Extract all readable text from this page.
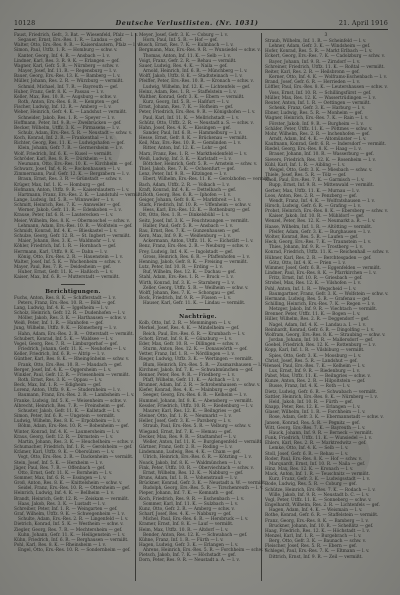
10128	Deutsche Verlustlisten. (Nr. 1031)	21. April 1916
Faust, Friedrich, Gefr., 3. Bat. — Wiesenfeld, Pfalz — l. v.
Segauer, Ernst, Ers.-Res. 1. R. — Landau — gef.
Walter, Otto, Ers.-Res. 9. R. — Kaiserslautern, Pfalz — l. v.
Simon, Paul, Utffz. 1. R. — Homburg — schw. v.
Kanter, Georg, Inf. 4. R. — Ansbach — l. v.
Lindner, Karl, Res. 3. R. 9. K. — Erlangen — gef.
Wagner, Karl, Gefr. 5. R. — Nürnberg — schw. v.
Mayer, Josef, Inf. 11. R. — Regensburg — l. v.
Bauer, Georg, Ers.-Res. 13. K. — Bamberg — l. v.
Müller, Johann, Res. 2. R. — Würzburg — vermißt.
Schmid, Michael, Inf. 7. R. — Bayreuth — gef.
Huber, Franz, Gefr. 8. K. — Passau — l. v.
Keller, Max, Res. 10. R. — Augsburg — schw. v.
Roth, Anton, Ers.-Res. 6. R. — Kempten — gef.
Fischer, Ludwig, Inf. 12. R. — Amberg — l. v.
Weber, Heinrich, Gefr. 4. K. — Landshut — vermißt.
Schneider, Jakob, Res. 1. R. — Speyer — l. v.
Hoffmann, Peter, Inf. 9. R. — Zweibrücken — gef.
Becker, Wilhelm, Utffz. 3. K. — Pirmasens — l. v.
Schulz, Adam, Ers.-Res. 5. R. — Neustadt — schw. v.
Koch, Konrad, Inf. 2. R. — Frankenthal — l. v.
Richter, Georg, Res. 11. K. — Ludwigshafen — gef.
Klein, Johann, Gefr. 7. R. — Germersheim — l. v.
Wolf, Friedrich, Inf. 6. K. — Kusel — vermißt.
Schröder, Karl, Res. 8. R. — Dürkheim — l. v.
Neumann, Otto, Ers.-Res. 10. K. — Kirchheim — gef.
Schwarz, Josef, Inf. 4. R. — Rockenhausen — l. v.
Zimmermann, Paul, Gefr. 12. K. — Bergzabern — l. v.
Braun, Ernst, Res. 3. R. — Grünstadt — schw. v.
Krüger, Max, Inf. 1. K. — Homburg — gef.
Hofmann, Anton, Utffz. 9. R. — Kaiserslautern — l. v.
Hartmann, Franz, Ers.-Res. 2. K. — Landstuhl — vermißt.
Lange, Ludwig, Inf. 5. R. — Winnweiler — l. v.
Schmitt, Heinrich, Res. 7. K. — Annweiler — gef.
Werner, Jakob, Gefr. 11. R. — Edenkoben — l. v.
Krause, Peter, Inf. 6. R. — Lauterecken — l. v.
Meier, Wilhelm, Res. 8. K. — Obermoschel — schw. v.
Lehmann, Adam, Ers.-Res. 10. R. — Wolfstein — gef.
Schmidt, Konrad, Inf. 4. K. — Blieskastel — l. v.
Schulze, Georg, Gefr. 12. R. — St. Ingbert — vermißt.
Maier, Johann, Res. 3. K. — Waldmohr — l. v.
Köhler, Friedrich, Inf. 1. R. — Hornbach — gef.
Herrmann, Karl, Utffz. 9. K. — Dahn — l. v.
König, Otto, Ers.-Res. 2. R. — Hauenstein — l. v.
Walter, Josef, Inf. 5. K. — Wachenheim — schw. v.
Mayer, Paul, Res. 7. R. — Deidesheim — gef.
Huber, Ernst, Gefr. 11. K. — Haßloch — l. v.
Kaiser, Max, Inf. 6. R. — Mutterstadt — vermißt.
Berichtigungen.
Fuchs, Anton, Res. 8. K. — Schifferstadt — l. v.
Peters, Franz, Ers.-Res. 10. R. — Böhl — gef.
Lang, Ludwig, Inf. 4. K. — Iggelheim — l. v.
Scholz, Heinrich, Gefr. 12. R. — Dudenhofen — l. v.
Möller, Jakob, Res. 3. K. — Harthausen — schw. v.
Weiß, Peter, Inf. 1. R. — Hanhofen — gef.
Jung, Wilhelm, Utffz. 9. K. — Römerberg — l. v.
Hahn, Adam, Ers.-Res. 2. R. — Otterstadt — vermißt.
Schubert, Konrad, Inf. 5. K. — Waldsee — l. v.
Vogel, Georg, Res. 7. R. — Limburgerhof — gef.
Friedrich, Johann, Gefr. 11. K. — Neuhofen — l. v.
Keller, Friedrich, Inf. 6. R. — Altrip — l. v.
Günther, Karl, Res. 8. K. — Rheingönheim — schw. v.
Frank, Otto, Ers.-Res. 10. R. — Maudach — gef.
Berger, Josef, Inf. 4. K. — Oggersheim — l. v.
Winkler, Paul, Gefr. 12. R. — Friesenheim — vermißt.
Roth, Ernst, Res. 3. K. — Oppau — l. v.
Beck, Max, Inf. 1. R. — Edigheim — gef.
Lorenz, Anton, Utffz. 9. K. — Studernheim — l. v.
Baumann, Franz, Ers.-Res. 2. R. — Lambsheim — l. v.
Franke, Ludwig, Inf. 5. K. — Weisenheim — schw. v.
Albrecht, Heinrich, Res. 7. R. — Freinsheim — gef.
Schuster, Jakob, Gefr. 11. K. — Kallstadt — l. v.
Simon, Peter, Inf. 6. R. — Ungstein — vermißt.
Ludwig, Wilhelm, Res. 8. K. — Erpolzheim — l. v.
Böhm, Adam, Ers.-Res. 10. R. — Bobenheim — gef.
Winter, Konrad, Inf. 4. K. — Laumersheim — l. v.
Kraus, Georg, Gefr. 12. R. — Dirmstein — l. v.
Martin, Johann, Res. 3. K. — Heuchelheim — schw. v.
Schumacher, Friedrich, Inf. 1. R. — Gerolsheim — gef.
Krämer, Karl, Utffz. 9. K. — Obersülzen — l. v.
Vogt, Otto, Ers.-Res. 2. R. — Dackenheim — vermißt.
Stein, Josef, Inf. 5. K. — Herxheim — l. v.
Jäger, Paul, Res. 7. R. — Offenbach — gef.
Otto, Ernst, Gefr. 11. K. — Bornheim — l. v.
Sommer, Max, Inf. 6. R. — Essingen — l. v.
Groß, Anton, Res. 8. K. — Knittelsheim — schw. v.
Seidel, Franz, Ers.-Res. 10. R. — Ottersheim — gef.
Heinrich, Ludwig, Inf. 4. K. — Bellheim — l. v.
Brandt, Heinrich, Gefr. 12. R. — Zeiskam — vermißt.
Haas, Jakob, Res. 3. K. — Lustadt — l. v.
Schreiber, Peter, Inf. 1. R. — Weingarten — gef.
Graf, Wilhelm, Utffz. 9. K. — Schwegenheim — l. v.
Schulte, Adam, Ers.-Res. 2. R. — Lingenfeld — l. v.
Dietrich, Konrad, Inf. 5. K. — Westheim — schw. v.
Ziegler, Georg, Res. 7. R. — Mechtersheim — gef.
Kuhn, Johann, Gefr. 11. K. — Heiligenstein — l. v.
Kühn, Friedrich, Inf. 6. R. — Berghausen — vermißt.
Pohl, Karl, Res. 8. K. — Rheinsheim — l. v.
Engel, Otto, Ers.-Res. 10. R. — Sondernheim — gef.
Meyer, Josef, Gefr. 3. K. — Coburg — l. v.
Horn, Paul, Inf. 5. R. — Hof — gef.
Busch, Ernst, Res. 7. K. — Kulmbach — l. v.
Bergmann, Max, Ers.-Res. 9. R. — Wunsiedel — schw. v.
Thomas, Anton, Inf. 11. K. — Selb — l. v.
Voigt, Franz, Gefr. 2. R. — Rehau — vermißt.
Sauer, Ludwig, Res. 4. K. — Naila — gef.
Arnold, Heinrich, Inf. 6. R. — Münchberg — l. v.
Wolff, Jakob, Utffz. 8. K. — Stadtsteinach — l. v.
Pfeiffer, Peter, Ers.-Res. 10. R. — Kronach — schw. v.
Ludwig, Wilhelm, Inf. 12. K. — Lichtenfels — gef.
Heinz, Adam, Res. 1. R. — Staffelstein — l. v.
Walther, Konrad, Gefr. 3. K. — Ebern — vermißt.
Kurz, Georg, Inf. 5. R. — Haßfurt — l. v.
Ernst, Johann, Res. 7. K. — Hofheim — gef.
Peter, Friedrich, Ers.-Res. 9. R. — Königshofen — l. v.
Paul, Karl, Inf. 11. K. — Mellrichstadt — l. v.
Schütz, Otto, Utffz. 2. R. — Neustadt a. S. — schw. v.
Hahn, Josef, Res. 4. K. — Kissingen — gef.
Sander, Paul, Inf. 6. R. — Hammelburg — l. v.
Hesse, Ernst, Gefr. 8. K. — Brückenau — vermißt.
Keil, Max, Ers.-Res. 10. R. — Gemünden — l. v.
Ritter, Anton, Inf. 12. K. — Lohr — gef.
Marx, Franz, Res. 1. R. — Marktheidenfeld — l. v.
Weiß, Ludwig, Inf. 3. K. — Karlstadt — l. v.
Böttcher, Heinrich, Gefr. 5. R. — Arnstein — schw. v.
Thiel, Jakob, Res. 7. K. — Ochsenfurt — gef.
Lenz, Peter, Inf. 9. R. — Kitzingen — l. v.
Ebert, Wilhelm, Ers.-Res. 11. K. — Gerolzhofen — vermißt.
Bach, Adam, Utffz. 2. R. — Volkach — l. v.
Kraft, Konrad, Inf. 4. K. — Dettelbach — gef.
Roth, Georg, Res. 6. R. — Iphofen — l. v.
Geiger, Johann, Gefr. 8. K. — Marktbreit — l. v.
Stark, Friedrich, Inf. 10. R. — Uffenheim — schw. v.
Hess, Karl, Ers.-Res. 12. K. — Rothenburg — gef.
Ott, Otto, Res. 1. R. — Dinkelsbühl — l. v.
Seitz, Josef, Inf. 3. K. — Feuchtwangen — vermißt.
Haller, Paul, Gefr. 5. R. — Ansbach — l. v.
Rau, Ernst, Res. 7. K. — Gunzenhausen — gef.
Kern, Max, Inf. 9. R. — Weißenburg — l. v.
Ackermann, Anton, Utffz. 11. K. — Eichstätt — l. v.
Benz, Franz, Ers.-Res. 2. R. — Neuburg — schw. v.
Frey, Ludwig, Inf. 4. K. — Ingolstadt — gef.
Gross, Heinrich, Res. 6. R. — Pfaffenhofen — l. v.
Henning, Jakob, Gefr. 8. K. — Freising — vermißt.
Lutz, Peter, Inf. 10. R. — Erding — l. v.
Ruf, Wilhelm, Res. 12. K. — Dachau — gef.
Stahl, Adam, Ers.-Res. 1. R. — Bruck — l. v.
Wirth, Konrad, Inf. 3. K. — Starnberg — l. v.
Zeller, Georg, Utffz. 5. R. — Weilheim — schw. v.
Wolff, Johann, Res. 7. K. — Schongau — gef.
Bock, Friedrich, Inf. 9. R. — Füssen — l. v.
Hauser, Karl, Gefr. 11. K. — Lindau — vermißt.
Nachträge.
Kolb, Otto, Inf. 2. R. — Memmingen — l. v.
Merkel, Josef, Res. 4. K. — Mindelheim — gef.
Reich, Paul, Ers.-Res. 6. R. — Krumbach — l. v.
Schott, Ernst, Inf. 8. K. — Günzburg — l. v.
Eder, Max, Gefr. 10. R. — Dillingen — schw. v.
Sturm, Anton, Res. 12. K. — Donauwörth — gef.
Vetter, Franz, Inf. 1. R. — Nördlingen — l. v.
Rieger, Ludwig, Utffz. 3. K. — Wertingen — vermißt.
Blum, Heinrich, Ers.-Res. 5. R. — Zusmarshausen — l. v.
Kirchner, Jakob, Inf. 7. K. — Schwabmünchen — gef.
Renner, Peter, Res. 9. R. — Friedberg — l. v.
Pfaff, Wilhelm, Gefr. 11. K. — Aichach — l. v.
Brunner, Adam, Inf. 2. R. — Schrobenhausen — schw. v.
Kiefer, Konrad, Res. 4. K. — Mainburg — gef.
Seeger, Georg, Ers.-Res. 6. R. — Kelheim — l. v.
Hummel, Johann, Inf. 8. K. — Abensberg — vermißt.
Kessler, Friedrich, Utffz. 10. R. — Riedenburg — l. v.
Maurer, Karl, Res. 12. K. — Beilngries — gef.
Steiner, Otto, Inf. 1. R. — Neumarkt — l. v.
Heller, Josef, Gefr. 3. K. — Parsberg — l. v.
Straub, Paul, Ers.-Res. 5. R. — Velburg — schw. v.
Wiegand, Ernst, Inf. 7. K. — Hemau — gef.
Decker, Max, Res. 9. R. — Stadtamhof — l. v.
Weller, Anton, Inf. 11. K. — Burglengenfeld — vermißt.
Gärtner, Franz, Gefr. 2. R. — Roding — l. v.
Lindemann, Ludwig, Res. 4. K. — Cham — gef.
Ulrich, Heinrich, Ers.-Res. 6. R. — Kötzting — l. v.
Noack, Jakob, Inf. 8. K. — Waldmünchen — l. v.
Fink, Peter, Utffz. 10. R. — Oberviechtach — schw. v.
Ernst, Wilhelm, Res. 12. K. — Nabburg — gef.
Bruns, Adam, Inf. 1. R. — Vohenstrauß — l. v.
Brückner, Konrad, Gefr. 3. K. — Neustadt a. W. — vermißt.
Rudolph, Georg, Ers.-Res. 5. R. — Tirschenreuth — l. v.
Pieper, Johann, Inf. 7. K. — Kemnath — gef.
Koch, Friedrich, Res. 9. R. — Eschenbach — l. v.
Sommer, Karl, Inf. 11. K. — Sulzbach — l. v.
Kunz, Otto, Gefr. 2. R. — Amberg — schw. v.
Scharf, Josef, Res. 4. K. — Nabburg — gef.
Michel, Paul, Ers.-Res. 6. R. — Hersbruck — l. v.
Kramer, Ernst, Inf. 8. K. — Lauf — vermißt.
Heim, Max, Utffz. 10. R. — Altdorf — l. v.
Bender, Anton, Res. 12. K. — Schwabach — gef.
Kühne, Franz, Inf. 1. R. — Fürth — l. v.
Hagen, Ludwig, Gefr. 3. K. — Erlangen — l. v.
Ahrens, Heinrich, Ers.-Res. 5. R. — Forchheim — schw. v.
Pietsch, Jakob, Inf. 7. K. — Höchstadt — gef.
Dorn, Peter, Res. 9. R. — Neustadt a. A. — l. v.
3
Straub, Wilhelm, Inf. 1. R. — Scheinfeld — l. v.
Lehner, Adam, Gefr. 3. K. — Windsheim — gef.
Hofer, Konrad, Res. 5. R. — Markt Erlbach — l. v.
Eckert, Georg, Ers.-Res. 7. K. — Cadolzburg — schw. v.
Bayer, Johann, Inf. 9. R. — Zirndorf — l. v.
Schreiner, Friedrich, Utffz. 11. K. — Roßtal — vermißt.
Reiter, Karl, Res. 2. R. — Heilsbronn — gef.
Kerner, Otto, Inf. 4. K. — Wolframs-Eschenbach — l. v.
Brand, Josef, Gefr. 6. R. — Herrieden — l. v.
Löffler, Paul, Ers.-Res. 8. K. — Leutershausen — schw. v.
Voss, Ernst, Inf. 10. R. — Schillingsfürst — gef.
Müller, Max, Res. 12. K. — Wassertrüdingen — l. v.
Reuter, Anton, Inf. 1. R. — Oettingen — vermißt.
Schenk, Franz, Gefr. 3. K. — Harburg — l. v.
Ebner, Ludwig, Res. 5. R. — Monheim — gef.
Wagner, Heinrich, Ers.-Res. 7. K. — Rain — l. v.
Förster, Jakob, Inf. 9. R. — Burgheim — l. v.
Schäfer, Peter, Utffz. 11. K. — Pöttmes — schw. v.
Mohr, Wilhelm, Res. 2. R. — Inchenhofen — gef.
Arndt, Adam, Inf. 4. K. — Altomünster — l. v.
Kaufmann, Konrad, Gefr. 6. R. — Indersdorf — vermißt.
Riedel, Georg, Ers.-Res. 8. K. — Haag — l. v.
Brauer, Johann, Inf. 10. R. — Wasserburg — gef.
Sievers, Friedrich, Res. 12. K. — Rosenheim — l. v.
Kühl, Karl, Inf. 1. R. — Aibling — l. v.
Weigel, Otto, Gefr. 3. K. — Miesbach — schw. v.
Thiele, Josef, Res. 5. R. — Tölz — gef.
Knoll, Paul, Ers.-Res. 7. K. — Garmisch — l. v.
Rupp, Ernst, Inf. 9. R. — Mittenwald — vermißt.
Gerber, Max, Utffz. 11. K. — Murnau — l. v.
Loos, Anton, Res. 2. R. — Penzberg — gef.
Wendt, Franz, Inf. 4. K. — Wolfratshausen — l. v.
Hirsch, Ludwig, Gefr. 6. R. — Grafing — l. v.
Probst, Heinrich, Ers.-Res. 8. K. — Ebersberg — schw. v.
Kaiser, Jakob, Inf. 10. R. — Mühldorf — gef.
Wenzel, Peter, Res. 12. K. — Neumarkt a. R. — l. v.
Haase, Wilhelm, Inf. 1. R. — Altötting — vermißt.
Pfeifer, Adam, Gefr. 3. K. — Burghausen — l. v.
Wolter, Konrad, Res. 5. R. — Laufen — gef.
Heck, Georg, Ers.-Res. 7. K. — Traunstein — l. v.
Thies, Johann, Inf. 9. R. — Trostberg — l. v.
Konrad, Friedrich, Utffz. 11. K. — Reichenhall — schw. v.
Hübner, Karl, Res. 2. R. — Berchtesgaden — gef.
Götz, Otto, Inf. 4. K. — Prien — l. v.
Wimmer, Josef, Gefr. 6. R. — Eggenfelden — vermißt.
Lindner, Paul, Ers.-Res. 8. K. — Pfarrkirchen — l. v.
Fritz, Ernst, Inf. 10. R. — Griesbach — gef.
Strobel, Max, Res. 12. K. — Vilshofen — l. v.
Pohl, Anton, Inf. 1. R. — Wegscheid — l. v.
Baumgartner, Franz, Gefr. 3. K. — Wolfstein — schw. v.
Hermann, Ludwig, Res. 5. R. — Grafenau — gef.
Schilling, Heinrich, Ers.-Res. 7. K. — Regen — l. v.
Metzger, Jakob, Inf. 9. R. — Viechtach — vermißt.
Brenner, Peter, Utffz. 11. K. — Bogen — l. v.
Hiller, Wilhelm, Res. 2. R. — Deggendorf — gef.
Nagel, Adam, Inf. 4. K. — Landau a. I. — l. v.
Reinhardt, Konrad, Gefr. 6. R. — Dingolfing — l. v.
Wolfram, Georg, Ers.-Res. 8. K. — Straubing — schw. v.
Jordan, Johann, Inf. 10. R. — Mallersdorf — gef.
Goebel, Friedrich, Res. 12. K. — Rottenburg — l. v.
Kopp, Karl, Inf. 1. R. — Vilsbiburg — vermißt.
Spies, Otto, Gefr. 3. K. — Moosburg — l. v.
Christ, Josef, Res. 5. R. — Landshut — gef.
Hensel, Paul, Ers.-Res. 7. K. — Kelheim — l. v.
Lux, Ernst, Inf. 9. R. — Riedenburg — l. v.
Pabst, Max, Utffz. 11. K. — Beilngries — schw. v.
Kunze, Anton, Res. 2. R. — Hilpoltstein — gef.
Busse, Franz, Inf. 4. K. — Roth — l. v.
Dietz, Ludwig, Gefr. 6. R. — Schwabach — vermißt.
Sattler, Heinrich, Ers.-Res. 8. K. — Nürnberg — l. v.
Held, Jakob, Inf. 10. R. — Fürth — gef.
Knapp, Peter, Res. 12. K. — Erlangen — l. v.
Glaser, Wilhelm, Inf. 1. R. — Forchheim — l. v.
Rose, Adam, Gefr. 3. K. — Ebermannstadt — schw. v.
Jansen, Konrad, Res. 5. R. — Pegnitz — gef.
Witt, Georg, Ers.-Res. 7. K. — Bayreuth — l. v.
Hauck, Johann, Inf. 9. R. — Berneck — vermißt.
Funk, Friedrich, Utffz. 11. K. — Wunsiedel — l. v.
Ehlers, Karl, Res. 2. R. — Marktredwitz — gef.
Lemke, Otto, Inf. 4. K. — Selb — l. v.
Stoll, Josef, Gefr. 6. R. — Rehau — l. v.
Roder, Paul, Ers.-Res. 8. K. — Hof — schw. v.
Marquardt, Ernst, Inf. 10. R. — Naila — gef.
Hinz, Max, Res. 12. K. — Kronach — l. v.
Mack, Anton, Inf. 1. R. — Teuschnitz — vermißt.
Kurz, Franz, Gefr. 3. K. — Ludwigsstadt — l. v.
Bode, Ludwig, Res. 5. R. — Coburg — gef.
Schütze, Heinrich, Ers.-Res. 7. K. — Rodach — l. v.
Wille, Jakob, Inf. 9. R. — Neustadt b. C. — l. v.
Vogl, Peter, Utffz. 11. K. — Sonneberg — schw. v.
Engelhardt, Wilhelm, Res. 2. R. — Lichtenfels — gef.
Hagen, Adam, Inf. 4. K. — Weismain — l. v.
Rothe, Konrad, Gefr. 6. R. — Staffelstein — vermißt.
Franz, Georg, Ers.-Res. 8. K. — Bamberg — l. v.
Bruckner, Johann, Inf. 10. R. — Scheßlitz — gef.
Haag, Friedrich, Res. 12. K. — Höchstadt — l. v.
Menzel, Karl, Inf. 1. R. — Burgebrach — l. v.
Berg, Otto, Gefr. 3. K. — Baunach — schw. v.
Fleischer, Josef, Res. 5. R. — Ebern — gef.
Schlegel, Paul, Ers.-Res. 7. K. — Eltmann — l. v.
Dittrich, Ernst, Inf. 9. R. — Zeil — vermißt.
